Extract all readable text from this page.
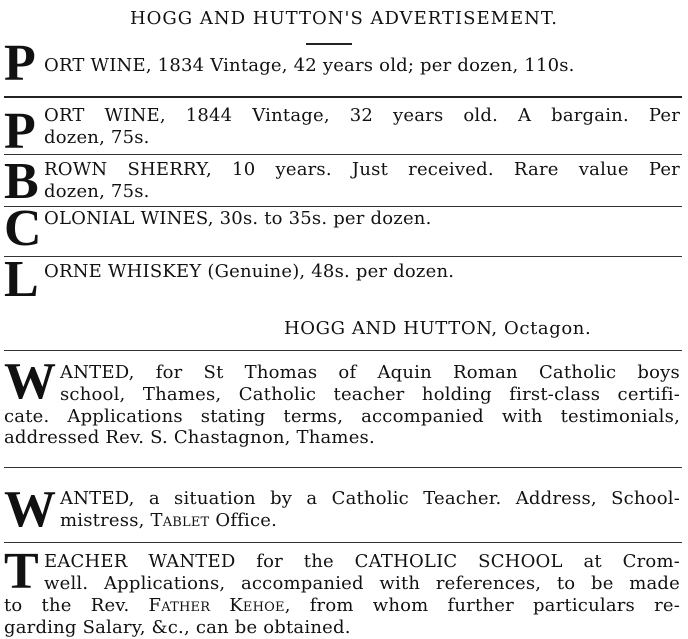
HOGG AND HUTTON'S ADVERTISEMENT.
P ORT WINE, 1834 Vintage, 42 years old; per dozen, 110s.
P ORT WINE, 1844 Vintage, 32 years old. A bargain. Per
dozen, 75s.
B ROWN SHERRY, 10 years. Just received. Rare value Per
dozen, 75s.
C OLONIAL WINES, 30s. to 35s. per dozen.
L ORNE WHISKEY (Genuine), 48s. per dozen.
HOGG AND HUTTON, Octagon.
W ANTED, for St Thomas of Aquin Roman Catholic boys
school, Thames, Catholic teacher holding first-class certifi-
cate. Applications stating terms, accompanied with testimonials,
addressed Rev. S. Chastagnon, Thames.
W ANTED, a situation by a Catholic Teacher. Address, School-
mistress, Tablet Office.
T EACHER WANTED for the CATHOLIC SCHOOL at Crom-
well. Applications, accompanied with references, to be made
to the Rev. Father Kehoe, from whom further particulars re-
garding Salary, &c., can be obtained.
